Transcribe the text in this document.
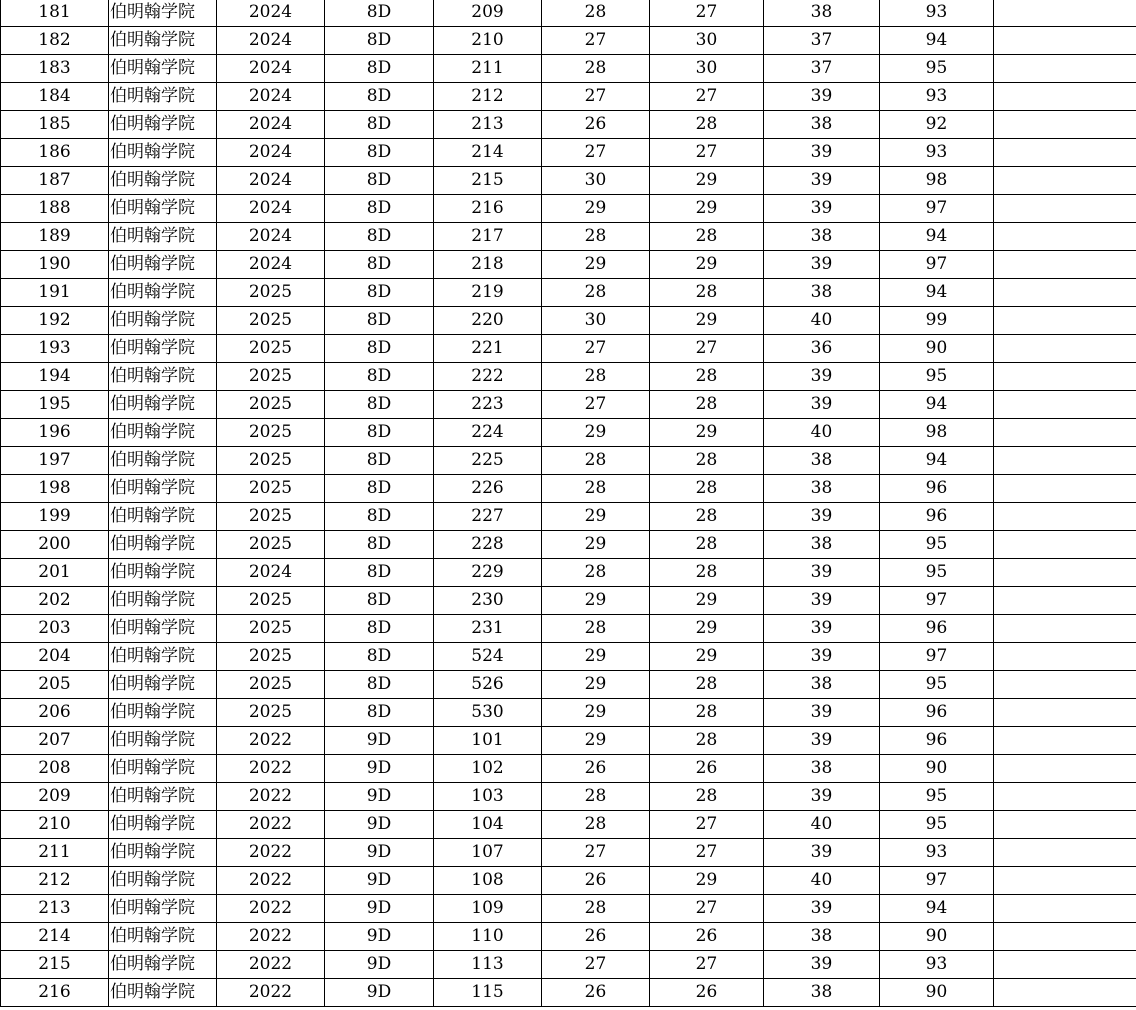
181	伯明翰学院	2024	8D	209	28	27	38	93	
182	伯明翰学院	2024	8D	210	27	30	37	94	
183	伯明翰学院	2024	8D	211	28	30	37	95	
184	伯明翰学院	2024	8D	212	27	27	39	93	
185	伯明翰学院	2024	8D	213	26	28	38	92	
186	伯明翰学院	2024	8D	214	27	27	39	93	
187	伯明翰学院	2024	8D	215	30	29	39	98	
188	伯明翰学院	2024	8D	216	29	29	39	97	
189	伯明翰学院	2024	8D	217	28	28	38	94	
190	伯明翰学院	2024	8D	218	29	29	39	97	
191	伯明翰学院	2025	8D	219	28	28	38	94	
192	伯明翰学院	2025	8D	220	30	29	40	99	
193	伯明翰学院	2025	8D	221	27	27	36	90	
194	伯明翰学院	2025	8D	222	28	28	39	95	
195	伯明翰学院	2025	8D	223	27	28	39	94	
196	伯明翰学院	2025	8D	224	29	29	40	98	
197	伯明翰学院	2025	8D	225	28	28	38	94	
198	伯明翰学院	2025	8D	226	28	28	38	96	
199	伯明翰学院	2025	8D	227	29	28	39	96	
200	伯明翰学院	2025	8D	228	29	28	38	95	
201	伯明翰学院	2024	8D	229	28	28	39	95	
202	伯明翰学院	2025	8D	230	29	29	39	97	
203	伯明翰学院	2025	8D	231	28	29	39	96	
204	伯明翰学院	2025	8D	524	29	29	39	97	
205	伯明翰学院	2025	8D	526	29	28	38	95	
206	伯明翰学院	2025	8D	530	29	28	39	96	
207	伯明翰学院	2022	9D	101	29	28	39	96	
208	伯明翰学院	2022	9D	102	26	26	38	90	
209	伯明翰学院	2022	9D	103	28	28	39	95	
210	伯明翰学院	2022	9D	104	28	27	40	95	
211	伯明翰学院	2022	9D	107	27	27	39	93	
212	伯明翰学院	2022	9D	108	26	29	40	97	
213	伯明翰学院	2022	9D	109	28	27	39	94	
214	伯明翰学院	2022	9D	110	26	26	38	90	
215	伯明翰学院	2022	9D	113	27	27	39	93	
216	伯明翰学院	2022	9D	115	26	26	38	90	
